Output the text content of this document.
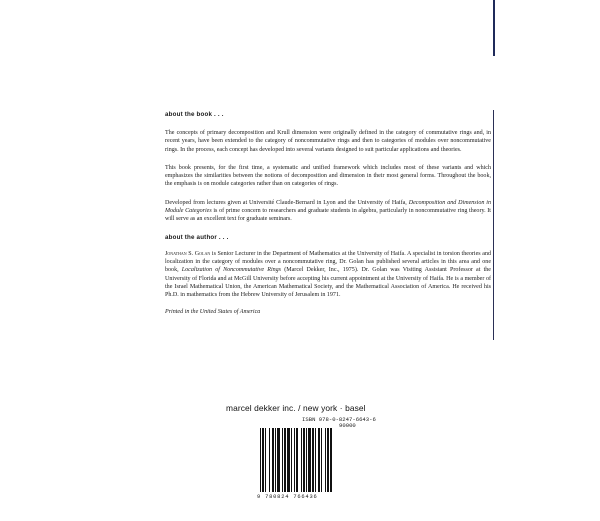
about the book . . .

The concepts of primary decomposition and Krull dimension were originally defined in the category of commutative rings and, in recent years, have been extended to the category of noncommutative rings and then to categories of modules over noncommutative rings. In the process, each concept has developed into several variants designed to suit particular applications and theories.

This book presents, for the first time, a systematic and unified framework which includes most of these variants and which emphasizes the similarities between the notions of decomposition and dimension in their most general forms. Throughout the book, the emphasis is on module categories rather than on categories of rings.

Developed from lectures given at Université Claude-Bernard in Lyon and the University of Haifa, Decomposition and Dimension in Module Categories is of prime concern to researchers and graduate students in algebra, particularly in noncommutative ring theory. It will serve as an excellent text for graduate seminars.

about the author . . .

Jonathan S. Golan is Senior Lecturer in the Department of Mathematics at the University of Haifa. A specialist in torsion theories and localization in the category of modules over a noncommutative ring, Dr. Golan has published several articles in this area and one book, Localization of Noncommutative Rings (Marcel Dekker, Inc., 1975). Dr. Golan was Visiting Assistant Professor at the University of Florida and at McGill University before accepting his current appointment at the University of Haifa. He is a member of the Israel Mathematical Union, the American Mathematical Society, and the Mathematical Association of America. He received his Ph.D. in mathematics from the Hebrew University of Jerusalem in 1971.

Printed in the United States of America
marcel dekker inc. / new york · basel
ISBN 978-0-8247-6643-6
90000
9 780824 766436
